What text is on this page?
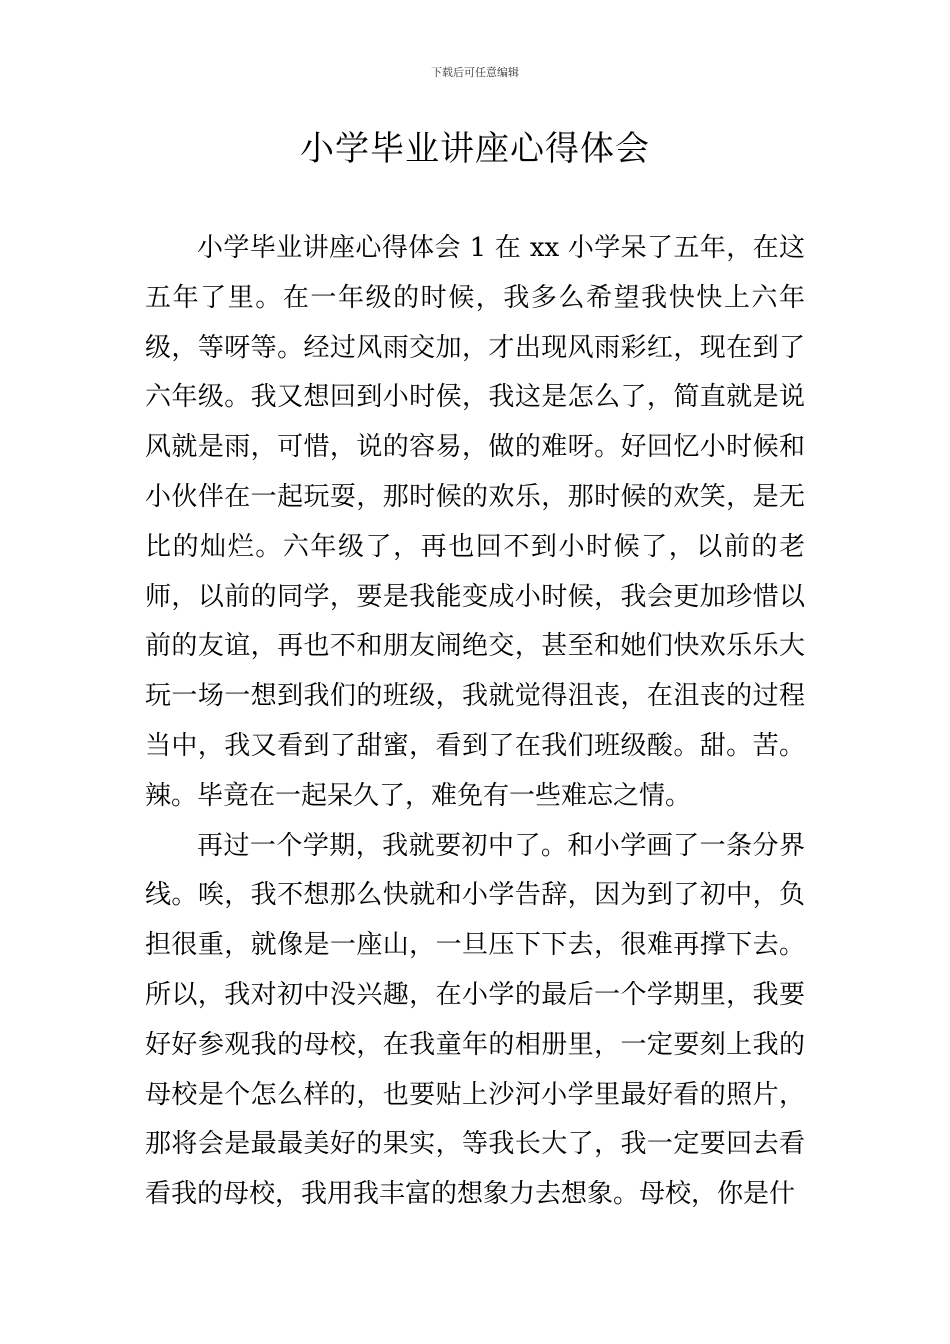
下载后可任意编辑
小学毕业讲座心得体会

小学毕业讲座心得体会 1 在 xx 小学呆了五年，在这五年了里。在一年级的时候，我多么希望我快快上六年级，等呀等。经过风雨交加，才出现风雨彩红，现在到了六年级。我又想回到小时侯，我这是怎么了，简直就是说风就是雨，可惜，说的容易，做的难呀。好回忆小时候和小伙伴在一起玩耍，那时候的欢乐，那时候的欢笑，是无比的灿烂。六年级了，再也回不到小时候了，以前的老师，以前的同学，要是我能变成小时候，我会更加珍惜以前的友谊，再也不和朋友闹绝交，甚至和她们快欢乐乐大玩一场一想到我们的班级，我就觉得沮丧，在沮丧的过程当中，我又看到了甜蜜，看到了在我们班级酸。甜。苦。辣。毕竟在一起呆久了，难免有一些难忘之情。

再过一个学期，我就要初中了。和小学画了一条分界线。唉，我不想那么快就和小学告辞，因为到了初中，负担很重，就像是一座山，一旦压下下去，很难再撑下去。所以，我对初中没兴趣，在小学的最后一个学期里，我要好好参观我的母校，在我童年的相册里，一定要刻上我的母校是个怎么样的，也要贴上沙河小学里最好看的照片，那将会是最最美好的果实，等我长大了，我一定要回去看看我的母校，我用我丰富的想象力去想象。母校，你是什
